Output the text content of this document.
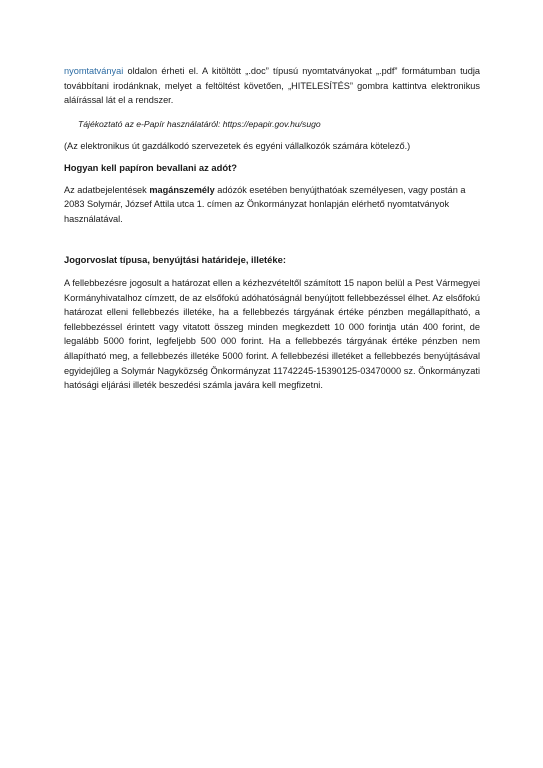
nyomtatványai oldalon érheti el. A kitöltött „.doc” típusú nyomtatványokat „.pdf” formátumban tudja továbbítani irodánknak, melyet a feltöltést követően, „HITELESÍTÉS” gombra kattintva elektronikus aláírással lát el a rendszer.

Tájékoztató az e-Papír használatáról: https://epapir.gov.hu/sugo

(Az elektronikus út gazdálkodó szervezetek és egyéni vállalkozók számára kötelező.)

Hogyan kell papíron bevallani az adót?

Az adatbejelentések magánszemély adózók esetében benyújthatóak személyesen, vagy postán a 2083 Solymár, József Attila utca 1. címen az Önkormányzat honlapján elérhető nyomtatványok használatával.

Jogorvoslat típusa, benyújtási határideje, illetéke:

A fellebbezésre jogosult a határozat ellen a kézhezvételtől számított 15 napon belül a Pest Vármegyei Kormányhivatalhoz címzett, de az elsőfokú adóhatóságnál benyújtott fellebbezéssel élhet. Az elsőfokú határozat elleni fellebbezés illetéke, ha a fellebbezés tárgyának értéke pénzben megállapítható, a fellebbezéssel érintett vagy vitatott összeg minden megkezdett 10 000 forintja után 400 forint, de legalább 5000 forint, legfeljebb 500 000 forint. Ha a fellebbezés tárgyának értéke pénzben nem állapítható meg, a fellebbezés illetéke 5000 forint. A fellebbezési illetéket a fellebbezés benyújtásával egyidejűleg a Solymár Nagyközség Önkormányzat 11742245-15390125-03470000 sz. Önkormányzati hatósági eljárási illeték beszedési számla javára kell megfizetni.
